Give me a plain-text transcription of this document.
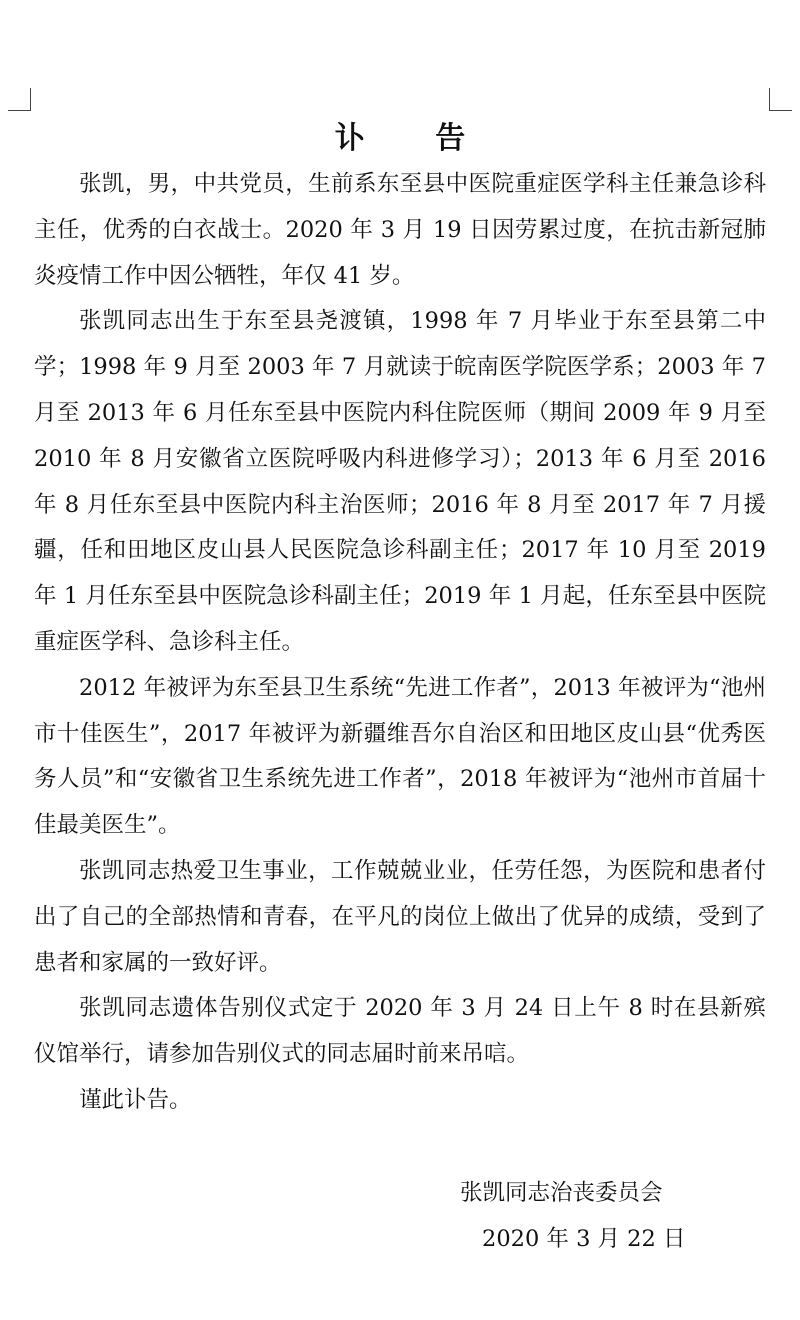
讣 告

张凯，男，中共党员，生前系东至县中医院重症医学科主任兼急诊科主任，优秀的白衣战士。2020 年 3 月 19 日因劳累过度，在抗击新冠肺炎疫情工作中因公牺牲，年仅 41 岁。

张凯同志出生于东至县尧渡镇，1998 年 7 月毕业于东至县第二中学；1998 年 9 月至 2003 年 7 月就读于皖南医学院医学系；2003 年 7 月至 2013 年 6 月任东至县中医院内科住院医师（期间 2009 年 9 月至 2010 年 8 月安徽省立医院呼吸内科进修学习）；2013 年 6 月至 2016 年 8 月任东至县中医院内科主治医师；2016 年 8 月至 2017 年 7 月援疆，任和田地区皮山县人民医院急诊科副主任；2017 年 10 月至 2019 年 1 月任东至县中医院急诊科副主任；2019 年 1 月起，任东至县中医院重症医学科、急诊科主任。

2012 年被评为东至县卫生系统“先进工作者”，2013 年被评为“池州市十佳医生”，2017 年被评为新疆维吾尔自治区和田地区皮山县“优秀医务人员”和“安徽省卫生系统先进工作者”，2018 年被评为“池州市首届十佳最美医生”。

张凯同志热爱卫生事业，工作兢兢业业，任劳任怨，为医院和患者付出了自己的全部热情和青春，在平凡的岗位上做出了优异的成绩，受到了患者和家属的一致好评。

张凯同志遗体告别仪式定于 2020 年 3 月 24 日上午 8 时在县新殡仪馆举行，请参加告别仪式的同志届时前来吊唁。

谨此讣告。

张凯同志治丧委员会
2020 年 3 月 22 日
